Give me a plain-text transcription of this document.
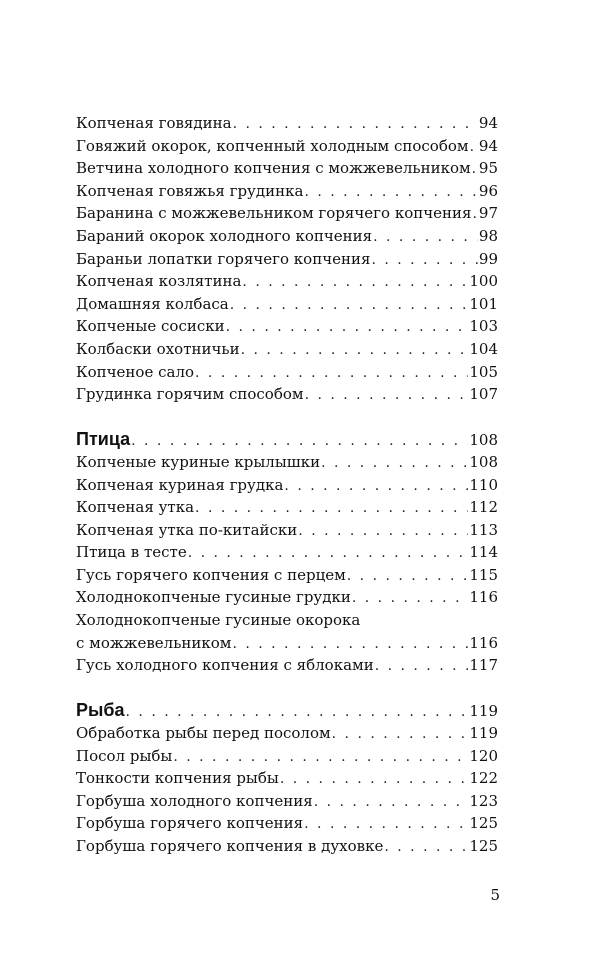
Копченая говядина . . .	94
Говяжий окорок, копченный холодным способом . . . 94
Ветчина холодного копчения с можжевельником . . . 95
Копченая говяжья грудинка . . .	96
Баранина с можжевельником горячего копчения . . . 97
Бараний окорок холодного копчения . . .	98
Бараньи лопатки горячего копчения . . .	99
Копченая козлятина . . .	100
Домашняя колбаса . . .	101
Копченые сосиски . . .	103
Колбаски охотничьи . . .	104
Копченое сало . . .	105
Грудинка горячим способом . . .	107
Птица . . .	108
Копченые куриные крылышки . . .	108
Копченая куриная грудка . . .	110
Копченая утка . . .	112
Копченая утка по-китайски . . .	113
Птица в тесте . . .	114
Гусь горячего копчения с перцем . . .	115
Холоднокопченые гусиные грудки . . .	116
Холоднокопченые гусиные окорока
с можжевельником . . .	116
Гусь холодного копчения с яблоками . . .	117
Рыба . . .	119
Обработка рыбы перед посолом . . .	119
Посол рыбы . . .	120
Тонкости копчения рыбы . . .	122
Горбуша холодного копчения . . .	123
Горбуша горячего копчения . . .	125
Горбуша горячего копчения в духовке . . .	125
5
